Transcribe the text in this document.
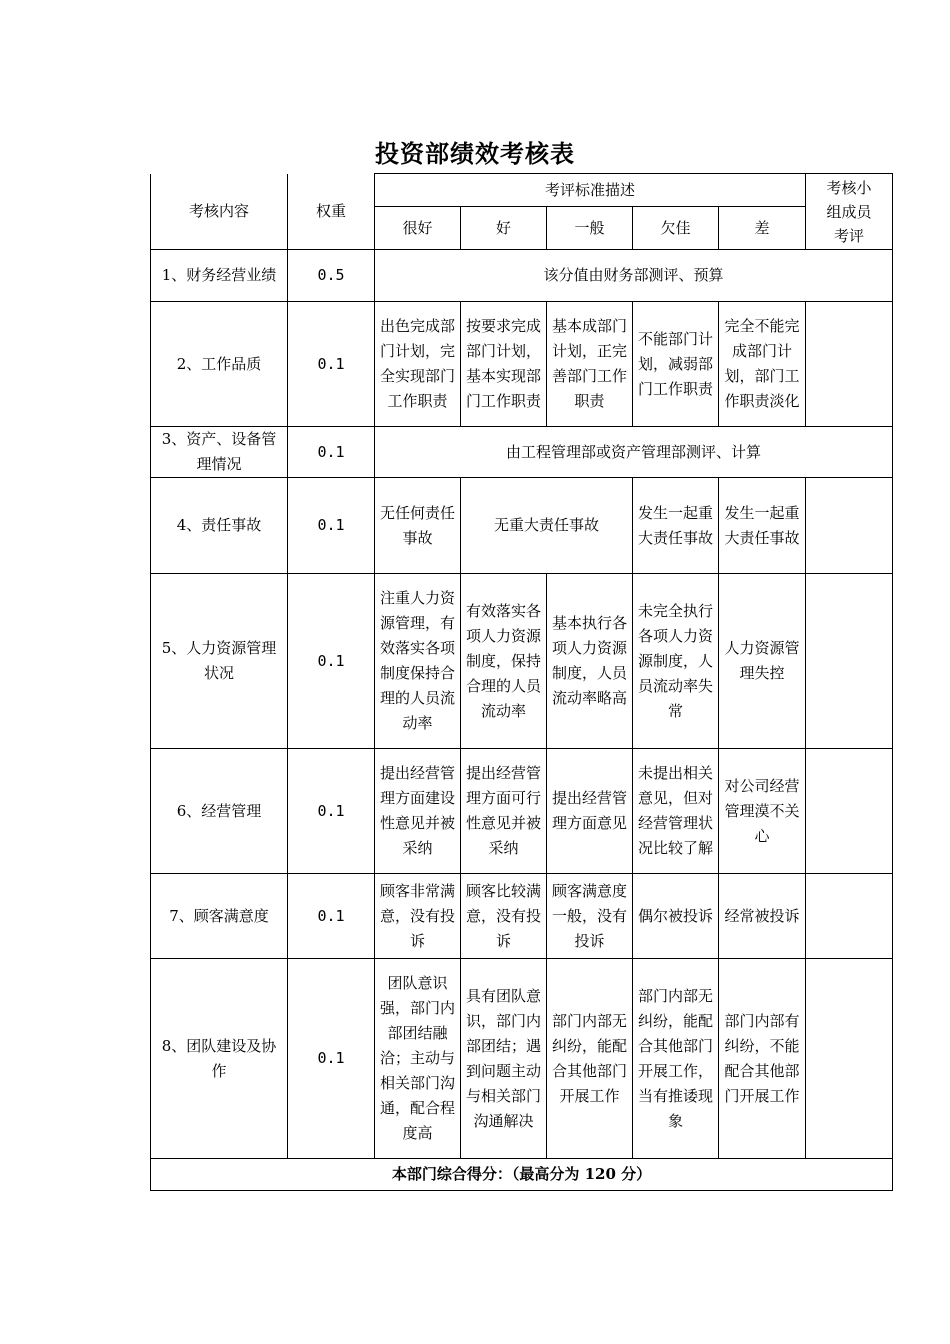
投资部绩效考核表
考核内容	权重	考评标准描述					考核小
组成员
考评
		很好	好	一般	欠佳	差	
1、财务经营业绩	0.5	该分值由财务部测评、预算					
2、工作品质	0.1	出色完成部门计划，完全实现部门工作职责	按要求完成部门计划，基本实现部门工作职责	基本成部门计划，正完善部门工作职责	不能部门计划，减弱部门工作职责	完全不能完成部门计划，部门工作职责淡化	
3、资产、设备管理情况	0.1	由工程管理部或资产管理部测评、计算					
4、责任事故	0.1	无任何责任事故	无重大责任事故		发生一起重大责任事故	发生一起重大责任事故	
5、人力资源管理状况	0.1	注重人力资源管理，有效落实各项制度保持合理的人员流动率	有效落实各项人力资源制度，保持合理的人员流动率	基本执行各项人力资源制度，人员流动率略高	未完全执行各项人力资源制度，人员流动率失常	人力资源管理失控	
6、经营管理	0.1	提出经营管理方面建设性意见并被采纳	提出经营管理方面可行性意见并被采纳	提出经营管理方面意见	未提出相关意见，但对经营管理状况比较了解	对公司经营管理漠不关心	
7、顾客满意度	0.1	顾客非常满意，没有投诉	顾客比较满意，没有投诉	顾客满意度一般，没有投诉	偶尔被投诉	经常被投诉	
8、团队建设及协作	0.1	团队意识强，部门内部团结融洽；主动与相关部门沟通，配合程度高	具有团队意识，部门内部团结；遇到问题主动与相关部门沟通解决	部门内部无纠纷，能配合其他部门开展工作	部门内部无纠纷，能配合其他部门开展工作，当有推诿现象	部门内部有纠纷，不能配合其他部门开展工作	
本部门综合得分：（最高分为 120 分）							
